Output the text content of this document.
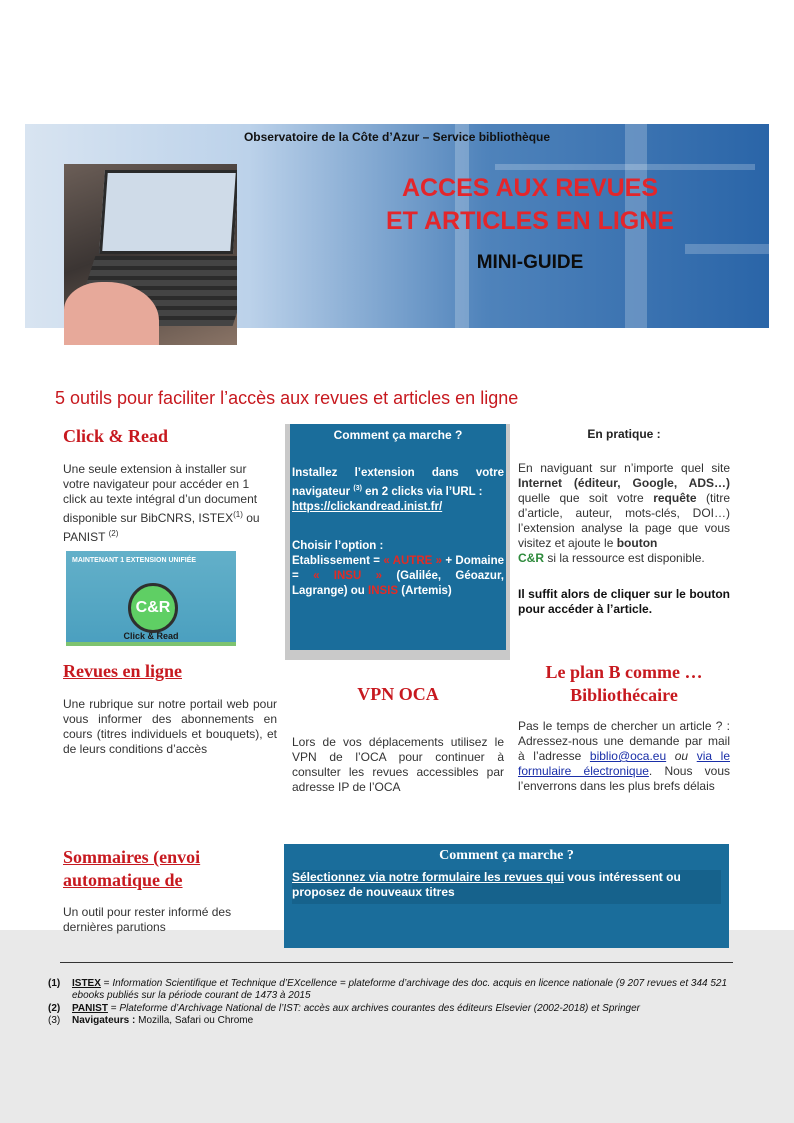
Observatoire de la Côte d’Azur – Service bibliothèque
ACCES AUX REVUES
ET ARTICLES EN LIGNE
MINI-GUIDE
5 outils pour faciliter l’accès aux revues et articles en ligne
Click & Read
Une seule extension à installer sur votre navigateur pour accéder en 1 click au texte intégral d’un document disponible sur BibCNRS, ISTEX$^{(1)}$ ou PANIST $^{(2)}$
MAINTENANT 1 EXTENSION UNIFIÉE
C&R
Click & Read
Comment ça marche ?
Installez l’extension dans votre navigateur $^{(3)}$ en 2 clicks via l’URL :
https://clickandread.inist.fr/
Choisir l’option :
Etablissement = « AUTRE » + Domaine = « INSU » (Galilée, Géoazur, Lagrange) ou INSIS (Artemis)
En pratique :
En naviguant sur n’importe quel site Internet (éditeur, Google, ADS…) quelle que soit votre requête (titre d’article, auteur, mots-clés, DOI…) l’extension analyse la page que vous visitez et ajoute le bouton
C&R si la ressource est disponible.
Il suffit alors de cliquer sur le bouton pour accéder à l’article.
Revues en ligne
Une rubrique sur notre portail web pour vous informer des abonnements en cours (titres individuels et bouquets), et de leurs conditions d’accès
VPN OCA
Lors de vos déplacements utilisez le VPN de l’OCA pour continuer à consulter les revues accessibles par adresse IP de l’OCA
Le plan B comme …
Bibliothécaire
Pas le temps de chercher un article ? : Adressez-nous une demande par mail à l’adresse biblio@oca.eu ou via le formulaire électronique. Nous vous l’enverrons dans les plus brefs délais
Sommaires (envoi automatique de
Un outil pour rester informé des dernières parutions
Comment ça marche ?
Sélectionnez via notre formulaire les revues qui vous intéressent ou proposez de nouveaux titres
(1)	ISTEX = Information Scientifique et Technique d’EXcellence = plateforme d’archivage des doc. acquis en licence nationale (9 207 revues et 344 521 ebooks publiés sur la période courant de 1473 à 2015
(2)	PANIST = Plateforme d’Archivage National de l’IST: accès aux archives courantes des éditeurs Elsevier (2002-2018) et Springer
(3)	Navigateurs : Mozilla, Safari ou Chrome
